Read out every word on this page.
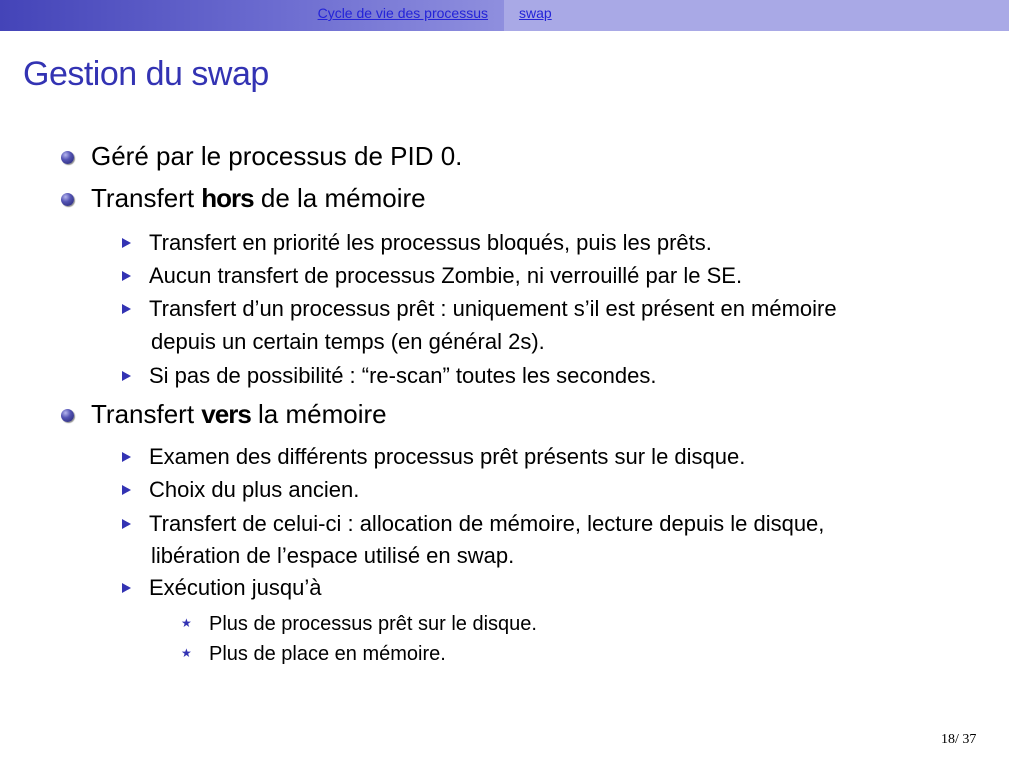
Cycle de vie des processus	swap
Gestion du swap
Géré par le processus de PID 0.
Transfert hors de la mémoire
Transfert en priorité les processus bloqués, puis les prêts.
Aucun transfert de processus Zombie, ni verrouillé par le SE.
Transfert d’un processus prêt : uniquement s’il est présent en mémoire
depuis un certain temps (en général 2s).
Si pas de possibilité : “re-scan” toutes les secondes.
Transfert vers la mémoire
Examen des différents processus prêt présents sur le disque.
Choix du plus ancien.
Transfert de celui-ci : allocation de mémoire, lecture depuis le disque,
libération de l’espace utilisé en swap.
Exécution jusqu’à
★ Plus de processus prêt sur le disque.
★ Plus de place en mémoire.
18/ 37
